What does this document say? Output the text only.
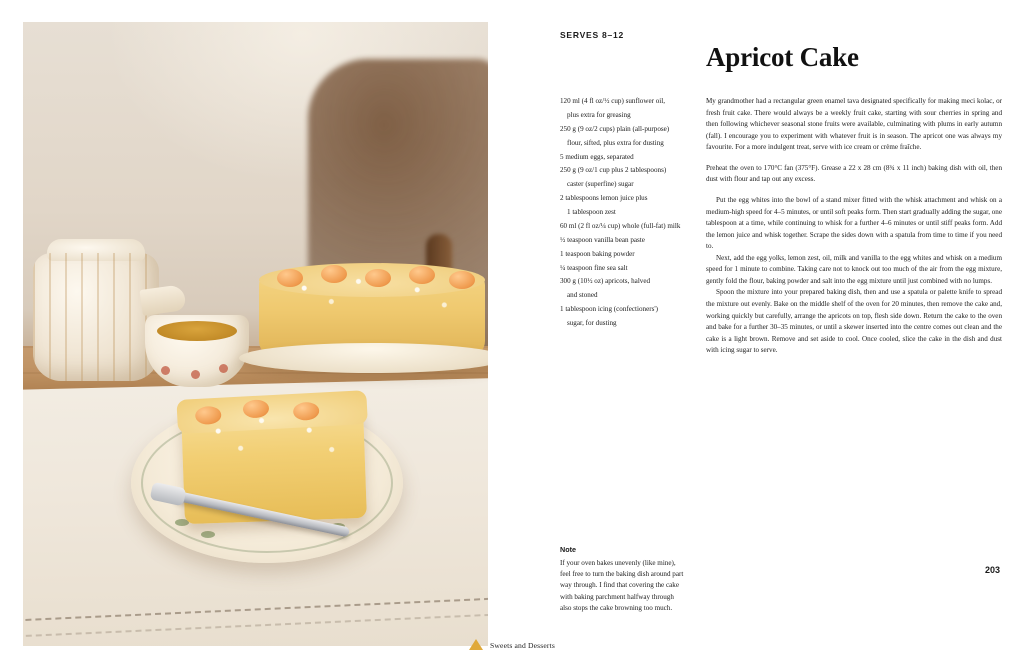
SERVES 8–12
Apricot Cake
120 ml (4 fl oz/½ cup) sunflower oil,
plus extra for greasing
250 g (9 oz/2 cups) plain (all-purpose)
flour, sifted, plus extra for dusting
5 medium eggs, separated
250 g (9 oz/1 cup plus 2 tablespoons)
caster (superfine) sugar
2 tablespoons lemon juice plus
1 tablespoon zest
60 ml (2 fl oz/¼ cup) whole (full-fat) milk
½ teaspoon vanilla bean paste
1 teaspoon baking powder
¼ teaspoon fine sea salt
300 g (10½ oz) apricots, halved
and stoned
1 tablespoon icing (confectioners')
sugar, for dusting

My grandmother had a rectangular green enamel tava designated specifically for making meci kolac, or fresh fruit cake. There would always be a weekly fruit cake, starting with sour cherries in spring and then following whichever seasonal stone fruits were available, culminating with plums in early autumn (fall). I encourage you to experiment with whatever fruit is in season. The apricot one was always my favourite. For a more indulgent treat, serve with ice cream or crème fraîche.

Preheat the oven to 170°C fan (375°F). Grease a 22 x 28 cm (8¾ x 11 inch) baking dish with oil, then dust with flour and tap out any excess.

Put the egg whites into the bowl of a stand mixer fitted with the whisk attachment and whisk on a medium-high speed for 4–5 minutes, or until soft peaks form. Then start gradually adding the sugar, one tablespoon at a time, while continuing to whisk for a further 4–6 minutes or until stiff peaks form. Add the lemon juice and whisk together. Scrape the sides down with a spatula from time to time if you need to.

Next, add the egg yolks, lemon zest, oil, milk and vanilla to the egg whites and whisk on a medium speed for 1 minute to combine. Taking care not to knock out too much of the air from the egg mixture, gently fold the flour, baking powder and salt into the egg mixture until just combined with no lumps.

Spoon the mixture into your prepared baking dish, then and use a spatula or palette knife to spread the mixture out evenly. Bake on the middle shelf of the oven for 20 minutes, then remove the cake and, working quickly but carefully, arrange the apricots on top, flesh side down. Return the cake to the oven and bake for a further 30–35 minutes, or until a skewer inserted into the centre comes out clean and the cake is a light brown. Remove and set aside to cool. Once cooled, slice the cake in the dish and dust with icing sugar to serve.

Note
If your oven bakes unevenly (like mine), feel free to turn the baking dish around part way through. I find that covering the cake with baking parchment halfway through also stops the cake browning too much.
203
Sweets and Desserts
